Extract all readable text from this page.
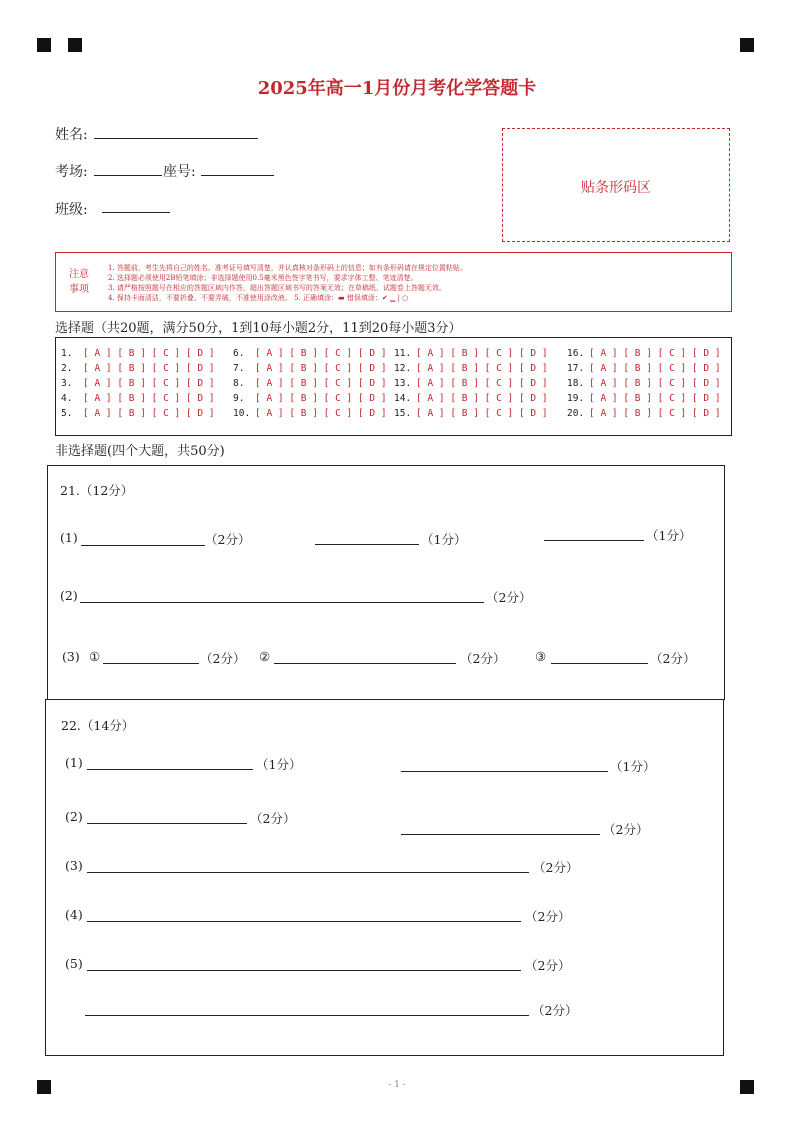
2025年高一1月份月考化学答题卡
姓名:
考场:	座号:
班级:
贴条形码区
注意
事项
1. 答题前，考生先将自己的姓名、准考证号填写清楚，并认真核对条形码上的信息；如有条形码请在规定位置粘贴。
2. 选择题必须使用2B铅笔填涂；非选择题使用0.5毫米黑色签字笔书写，要求字体工整、笔迹清楚。
3. 请严格按照题号在相应的答题区域内作答，超出答题区域书写的答案无效；在草稿纸、试题卷上答题无效。
4. 保持卡面清洁，不要折叠、不要弄破，不准使用涂改液。 5. 正确填涂：▬ 错误填涂：✔ ▁ | ○
选择题（共20题，满分50分，1到10每小题2分，11到20每小题3分）
1. [ A ] [ B ] [ C ] [ D ]
2. [ A ] [ B ] [ C ] [ D ]
3. [ A ] [ B ] [ C ] [ D ]
4. [ A ] [ B ] [ C ] [ D ]
5. [ A ] [ B ] [ C ] [ D ]
6. [ A ] [ B ] [ C ] [ D ]
7. [ A ] [ B ] [ C ] [ D ]
8. [ A ] [ B ] [ C ] [ D ]
9. [ A ] [ B ] [ C ] [ D ]
10. [ A ] [ B ] [ C ] [ D ]
11. [ A ] [ B ] [ C ] [ D ]
12. [ A ] [ B ] [ C ] [ D ]
13. [ A ] [ B ] [ C ] [ D ]
14. [ A ] [ B ] [ C ] [ D ]
15. [ A ] [ B ] [ C ] [ D ]
16. [ A ] [ B ] [ C ] [ D ]
17. [ A ] [ B ] [ C ] [ D ]
18. [ A ] [ B ] [ C ] [ D ]
19. [ A ] [ B ] [ C ] [ D ]
20. [ A ] [ B ] [ C ] [ D ]
非选择题(四个大题，共50分)
21.（12分）
(1)	（2分）	（1分）	（1分）
(2)	（2分）
(3) ①	（2分） ②	（2分） ③	（2分）
22.（14分）
(1)	（1分）	（1分）
(2)	（2分）
（2分）
(3)	（2分）
(4)	（2分）
(5)	（2分）
（2分）
- 1 -
